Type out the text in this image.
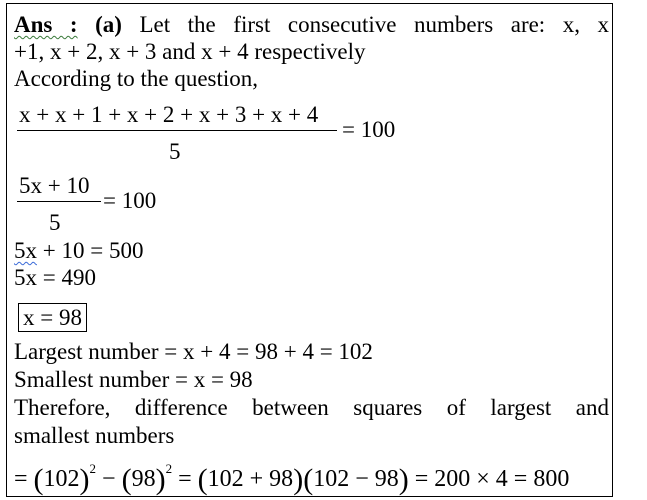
Ans : (a) Let the first consecutive numbers are: x, x
+1, x + 2, x + 3 and x + 4 respectively
According to the question,
x + x + 1 + x + 2 + x + 3 + x + 4
5
= 100
5x + 10
5
= 100
5x + 10 = 500
5x = 490
x = 98
Largest number = x + 4 = 98 + 4 = 102
Smallest number = x = 98
Therefore, difference between squares of largest and
smallest numbers
= $(102)^2 - (98)^2 = (102 + 98)(102 - 98) = 200 \times 4 = 800$
